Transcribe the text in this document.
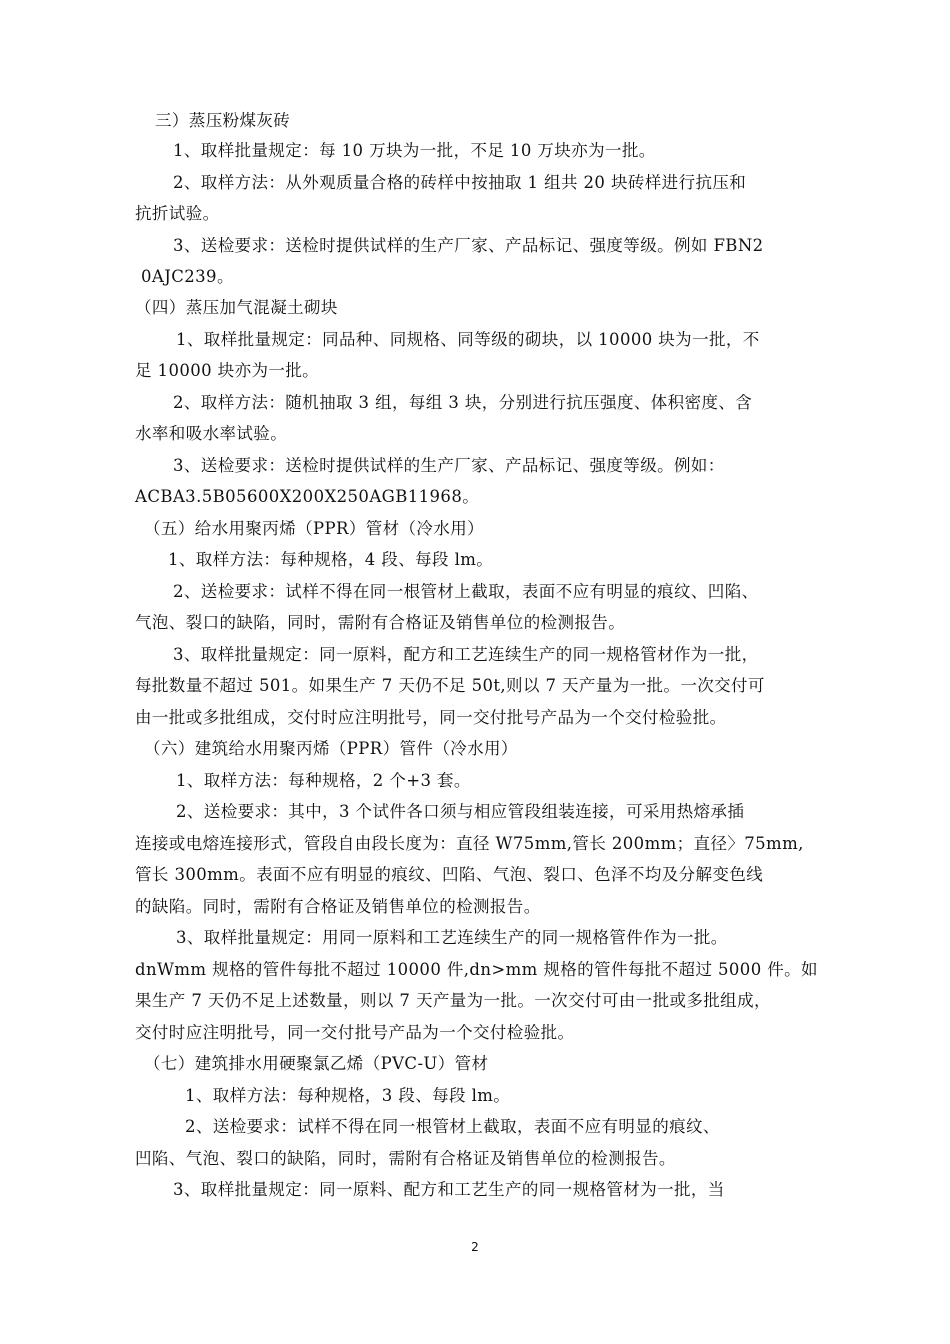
三）蒸压粉煤灰砖
1、取样批量规定：每 10 万块为一批，不足 10 万块亦为一批。
2、取样方法：从外观质量合格的砖样中按抽取 1 组共 20 块砖样进行抗压和
抗折试验。
3、送检要求：送检时提供试样的生产厂家、产品标记、强度等级。例如 FBN2
0AJC239。
（四）蒸压加气混凝土砌块
1、取样批量规定：同品种、同规格、同等级的砌块，以 10000 块为一批，不
足 10000 块亦为一批。
2、取样方法：随机抽取 3 组，每组 3 块，分别进行抗压强度、体积密度、含
水率和吸水率试验。
3、送检要求：送检时提供试样的生产厂家、产品标记、强度等级。例如：
ACBA3.5B05600X200X250AGB11968。
（五）给水用聚丙烯（PPR）管材（冷水用）
1、取样方法：每种规格，4 段、每段 lm。
2、送检要求：试样不得在同一根管材上截取，表面不应有明显的痕纹、凹陷、
气泡、裂口的缺陷，同时，需附有合格证及销售单位的检测报告。
3、取样批量规定：同一原料，配方和工艺连续生产的同一规格管材作为一批，
每批数量不超过 501。如果生产 7 天仍不足 50t,则以 7 天产量为一批。一次交付可
由一批或多批组成，交付时应注明批号，同一交付批号产品为一个交付检验批。
（六）建筑给水用聚丙烯（PPR）管件（冷水用）
1、取样方法：每种规格，2 个+3 套。
2、送检要求：其中，3 个试件各口须与相应管段组装连接，可采用热熔承插
连接或电熔连接形式，管段自由段长度为：直径 W75mm,管长 200mm；直径〉75mm,
管长 300mm。表面不应有明显的痕纹、凹陷、气泡、裂口、色泽不均及分解变色线
的缺陷。同时，需附有合格证及销售单位的检测报告。
3、取样批量规定：用同一原料和工艺连续生产的同一规格管件作为一批。
dnWmm 规格的管件每批不超过 10000 件,dn>mm 规格的管件每批不超过 5000 件。如
果生产 7 天仍不足上述数量，则以 7 天产量为一批。一次交付可由一批或多批组成，
交付时应注明批号，同一交付批号产品为一个交付检验批。
（七）建筑排水用硬聚氯乙烯（PVC-U）管材
1、取样方法：每种规格，3 段、每段 lm。
2、送检要求：试样不得在同一根管材上截取，表面不应有明显的痕纹、
凹陷、气泡、裂口的缺陷，同时，需附有合格证及销售单位的检测报告。
3、取样批量规定：同一原料、配方和工艺生产的同一规格管材为一批，当
2
